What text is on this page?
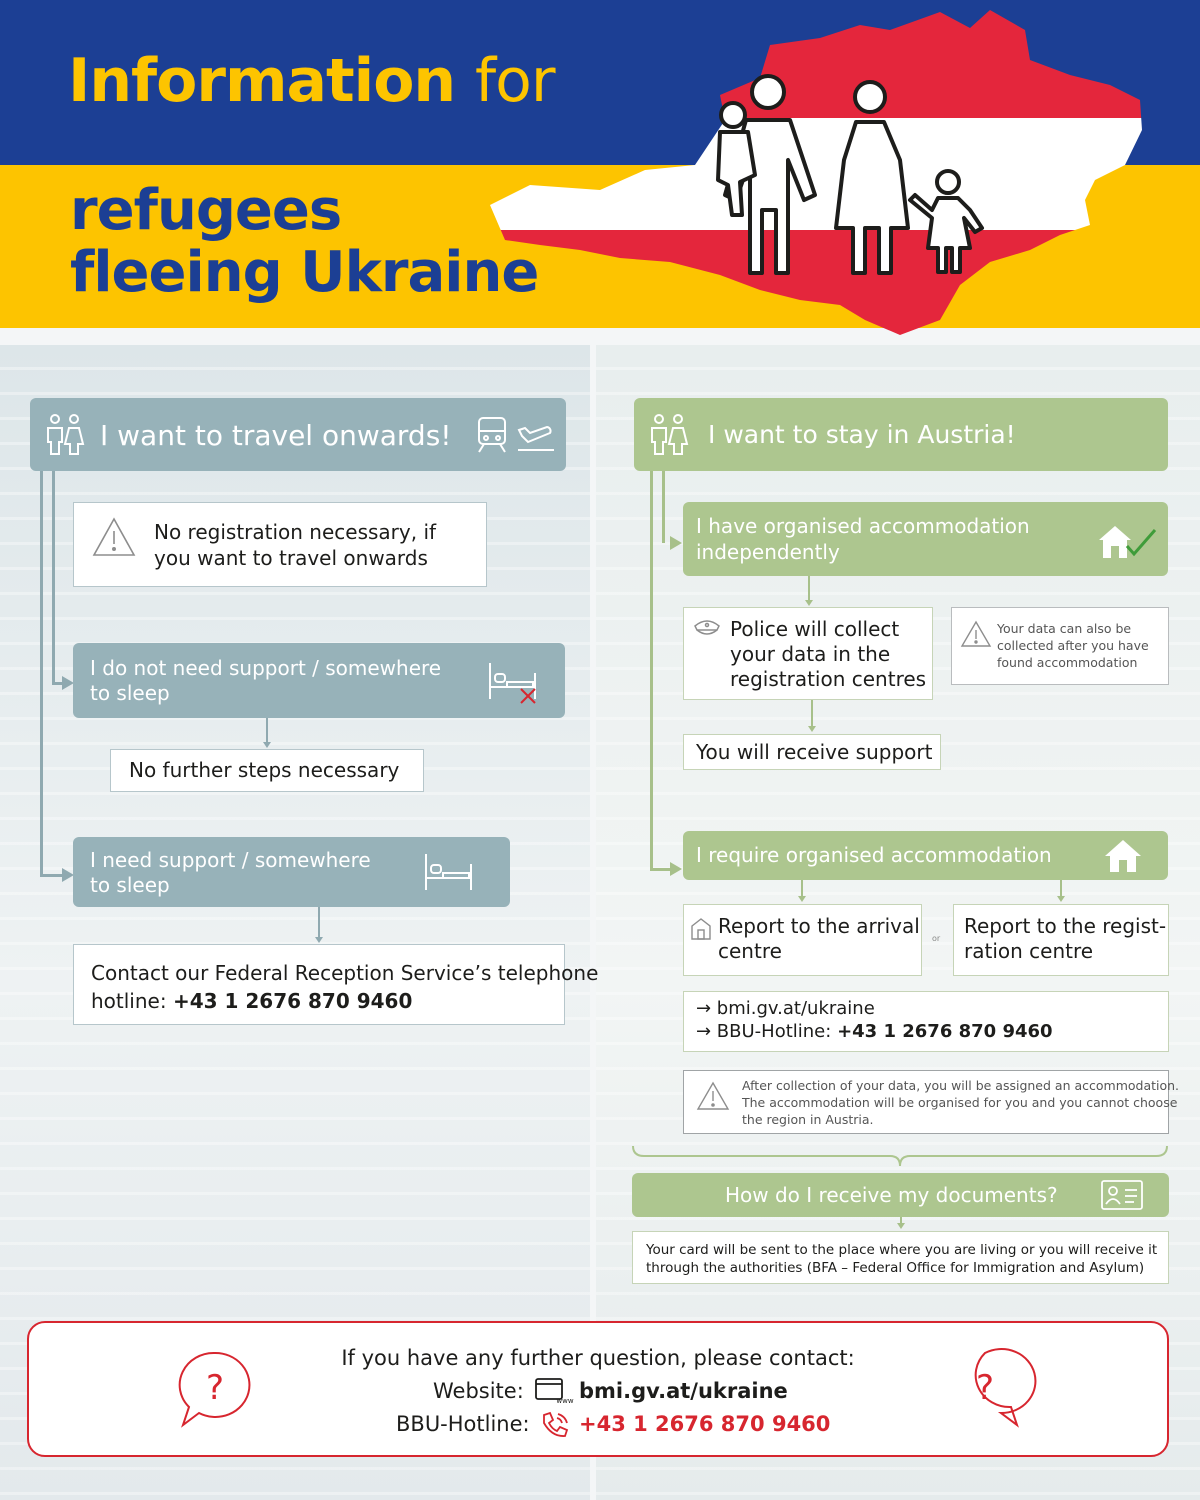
Information for
refugees
fleeing Ukraine
I want to travel onwards!
No registration necessary, if you want to travel onwards
I do not need support / somewhere
to sleep
No further steps necessary
I need support / somewhere
to sleep
Contact our Federal Reception Service’s telephone
hotline: +43 1 2676 870 9460
I want to stay in Austria!
I have organised accommodation
independently
Police will collect
your data in the
registration centres
Your data can also be
collected after you have
found accommodation
You will receive support
I require organised accommodation
Report to the arrival
centre
or
Report to the regist-
ration centre
→ bmi.gv.at/ukraine
→ BBU-Hotline: +43 1 2676 870 9460
After collection of your data, you will be assigned an accommodation.
The accommodation will be organised for you and you cannot choose
the region in Austria.
How do I receive my documents?
Your card will be sent to the place where you are living or you will receive it
through the authorities (BFA – Federal Office for Immigration and Asylum)
?	?
If you have any further question, please contact:
Website:	www bmi.gv.at/ukraine
BBU-Hotline: +43 1 2676 870 9460
